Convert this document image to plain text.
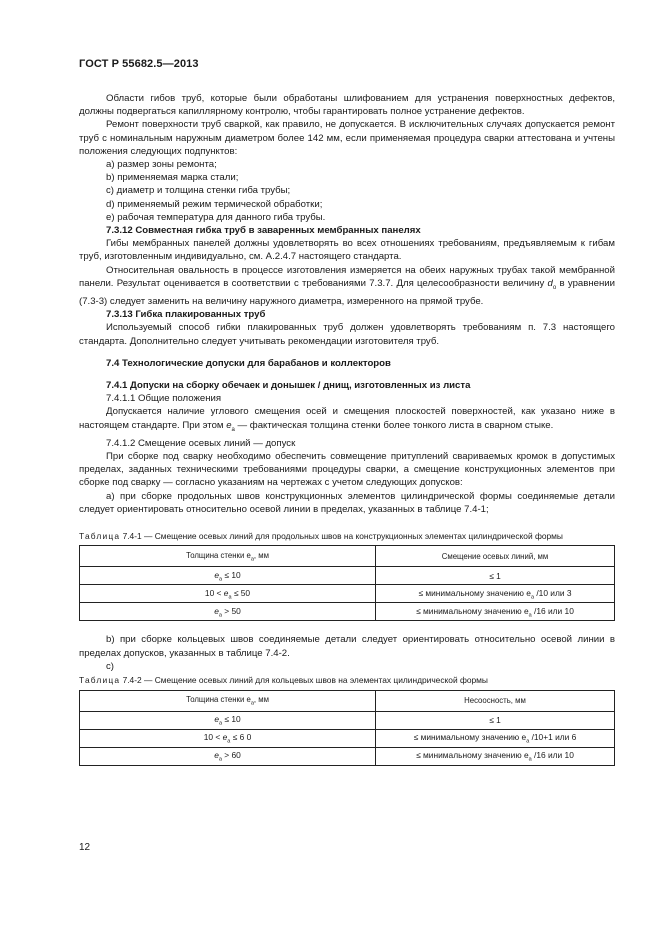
ГОСТ Р 55682.5—2013

Области гибов труб, которые были обработаны шлифованием для устранения поверхностных дефектов, должны подвергаться капиллярному контролю, чтобы гарантировать полное устранение дефектов.

Ремонт поверхности труб сваркой, как правило, не допускается. В исключительных случаях допускается ремонт труб с номинальным наружным диаметром более 142 мм, если применяемая процедура сварки аттестована и учтены положения следующих подпунктов:

a) размер зоны ремонта;

b) применяемая марка стали;

c) диаметр и толщина стенки гиба трубы;

d) применяемый режим термической обработки;

e) рабочая температура для данного гиба трубы.

7.3.12 Совместная гибка труб в заваренных мембранных панелях

Гибы мембранных панелей должны удовлетворять во всех отношениях требованиям, предъявляемым к гибам труб, изготовленным индивидуально, см. А.2.4.7 настоящего стандарта.

Относительная овальность в процессе изготовления измеряется на обеих наружных трубах такой мембранной панели. Результат оценивается в соответствии с требованиями 7.3.7. Для целесообразности величину $d_o$ в уравнении (7.3-3) следует заменить на величину наружного диаметра, измеренного на прямой трубе.

7.3.13 Гибка плакированных труб

Используемый способ гибки плакированных труб должен удовлетворять требованиям п. 7.3 настоящего стандарта. Дополнительно следует учитывать рекомендации изготовителя труб.

7.4 Технологические допуски для барабанов и коллекторов

7.4.1 Допуски на сборку обечаек и донышек / днищ, изготовленных из листа

7.4.1.1 Общие положения

Допускается наличие углового смещения осей и смещения плоскостей поверхностей, как указано ниже в настоящем стандарте. При этом $e_a$ — фактическая толщина стенки более тонкого листа в сварном стыке.

7.4.1.2 Смещение осевых линий — допуск

При сборке под сварку необходимо обеспечить совмещение притуплений свариваемых кромок в допустимых пределах, заданных техническими требованиями процедуры сварки, а смещение конструкционных элементов при сборке под сварку — согласно указаниям на чертежах с учетом следующих допусков:

a) при сборке продольных швов конструкционных элементов цилиндрической формы соединяемые детали следует ориентировать относительно осевой линии в пределах, указанных в таблице 7.4-1;

Таблица 7.4-1 — Смещение осевых линий для продольных швов на конструкционных элементах цилиндрической формы
Толщина стенки $e_a$, мм	Смещение осевых линий, мм
$e_a \le 10$	≤ 1
$10 < e_a \le 50$	≤ минимальному значению $e_a$ /10 или 3
$e_a > 50$	≤ минимальному значению $e_a$ /16 или 10

b) при сборке кольцевых швов соединяемые детали следует ориентировать относительно осевой линии в пределах допусков, указанных в таблице 7.4-2.

c)

Таблица 7.4-2 — Смещение осевых линий для кольцевых швов на элементах цилиндрической формы
Толщина стенки $e_a$, мм	Несоосность, мм
$e_a \le 10$	≤ 1
$10 < e_a \le 6$ 0	≤ минимальному значению $e_a$ /10+1 или 6
$e_a > 60$	≤ минимальному значению $e_a$ /16 или 10
12
